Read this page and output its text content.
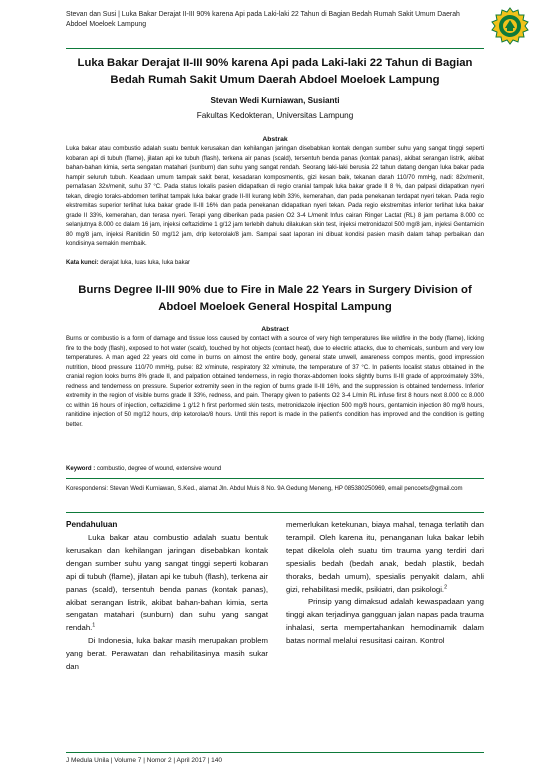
Stevan dan Susi | Luka Bakar Derajat II-III 90% karena Api pada Laki-laki 22 Tahun di Bagian Bedah Rumah Sakit Umum Daerah Abdoel Moeloek Lampung
Luka Bakar Derajat II-III 90% karena Api pada Laki-laki 22 Tahun di Bagian Bedah Rumah Sakit Umum Daerah Abdoel Moeloek Lampung
Stevan Wedi Kurniawan, Susianti
Fakultas Kedokteran, Universitas Lampung
Abstrak
Luka bakar atau combustio adalah suatu bentuk kerusakan dan kehilangan jaringan disebabkan kontak dengan sumber suhu yang sangat tinggi seperti kobaran api di tubuh (flame), jilatan api ke tubuh (flash), terkena air panas (scald), tersentuh benda panas (kontak panas), akibat serangan listrik, akibat bahan-bahan kimia, serta sengatan matahari (sunburn) dan suhu yang sangat rendah. Seorang laki-laki berusia 22 tahun datang dengan luka bakar pada hampir seluruh tubuh. Keadaan umum tampak sakit berat, kesadaran komposmentis, gizi kesan baik, tekanan darah 110/70 mmHg, nadi: 82x/menit, pernafasan 32x/menit, suhu 37 °C. Pada status lokalis pasien didapatkan di regio cranial tampak luka bakar grade II 8 %, dan palpasi didapatkan nyeri tekan, diregio toraks-abdomen terlihat tampak luka bakar grade II-III kurang lebih 33%, kemerahan, dan pada penekanan terdapat nyeri tekan. Pada regio ekstremitas superior terlihat luka bakar grade II-III 16% dan pada penekanan didapatkan nyeri tekan. Pada regio ekstremitas inferior terlihat luka bakar grade II 33%, kemerahan, dan terasa nyeri. Terapi yang diberikan pada pasien O2 3-4 L/menit Infus cairan Ringer Lactat (RL) 8 jam pertama 8.000 cc selanjutnya 8.000 cc dalam 16 jam, injeksi ceftazidime 1 g/12 jam terlebih dahulu dilakukan skin test, injeksi metronidazol 500 mg/8 jam, injeksi Gentamicin 80 mg/8 jam, injeksi Ranitidin 50 mg/12 jam, drip ketorolak/8 jam. Sampai saat laporan ini dibuat kondisi pasien masih dalam tahap perbaikan dan kondisinya semakin membaik.
Kata kunci: derajat luka, luas luka, luka bakar
Burns Degree II-III 90% due to Fire in Male 22 Years in Surgery Division of Abdoel Moeloek General Hospital Lampung
Abstract
Burns or combustio is a form of damage and tissue loss caused by contact with a source of very high temperatures like wildfire in the body (flame), licking fire to the body (flash), exposed to hot water (scald), touched by hot objects (contact heat), due to electric attacks, due to chemicals, sunburn and very low temperatures. A man aged 22 years old come in burns on almost the entire body, general state unwell, awareness compos mentis, good impression nutrition, blood pressure 110/70 mmHg, pulse: 82 x/minute, respiratory 32 x/minute, the temperature of 37 °C. In patients localist status obtained in the cranial region looks burns 8% grade II, and palpation obtained tenderness, in regio thorax-abdomen looks slightly burns II-III grade of approximately 33%, redness and tenderness on pressure. Superior extremity seen in the region of burns grade II-III 16%, and the suppression is obtained tenderness. Inferior extremity in the region of visible burns grade II 33%, redness, and pain. Therapy given to patients O2 3-4 L/min RL infuse first 8 hours next 8.000 cc 8.000 cc within 16 hours of injection, ceftazidime 1 g/12 h first performed skin tests, metronidazole injection 500 mg/8 hours, gentamicin injection 80 mg/8 hours, ranitidine injection of 50 mg/12 hours, drip ketorolac/8 hours. Until this report is made in the patient's condition has improved and the condition is getting better.
Keyword : combustio, degree of wound, extensive wound
Korespondensi: Stevan Wedi Kurniawan, S.Ked., alamat Jln. Abdul Muis 8 No. 9A Gedung Meneng, HP 085380250969, email pencoets@gmail.com
Pendahuluan

Luka bakar atau combustio adalah suatu bentuk kerusakan dan kehilangan jaringan disebabkan kontak dengan sumber suhu yang sangat tinggi seperti kobaran api di tubuh (flame), jilatan api ke tubuh (flash), terkena air panas (scald), tersentuh benda panas (kontak panas), akibat serangan listrik, akibat bahan-bahan kimia, serta sengatan matahari (sunburn) dan suhu yang sangat rendah.$^1$

Di Indonesia, luka bakar masih merupakan problem yang berat. Perawatan dan rehabilitasinya masih sukar dan

memerlukan ketekunan, biaya mahal, tenaga terlatih dan terampil. Oleh karena itu, penanganan luka bakar lebih tepat dikelola oleh suatu tim trauma yang terdiri dari spesialis bedah (bedah anak, bedah plastik, bedah thoraks, bedah umum), spesialis penyakit dalam, ahli gizi, rehabilitasi medik, psikiatri, dan psikologi.$^2$

Prinsip yang dimaksud adalah kewaspadaan yang tinggi akan terjadinya gangguan jalan napas pada trauma inhalasi, serta mempertahankan hemodinamik dalam batas normal melalui resusitasi cairan. Kontrol

J Medula Unila | Volume 7 | Nomor 2 | April 2017 | 140
